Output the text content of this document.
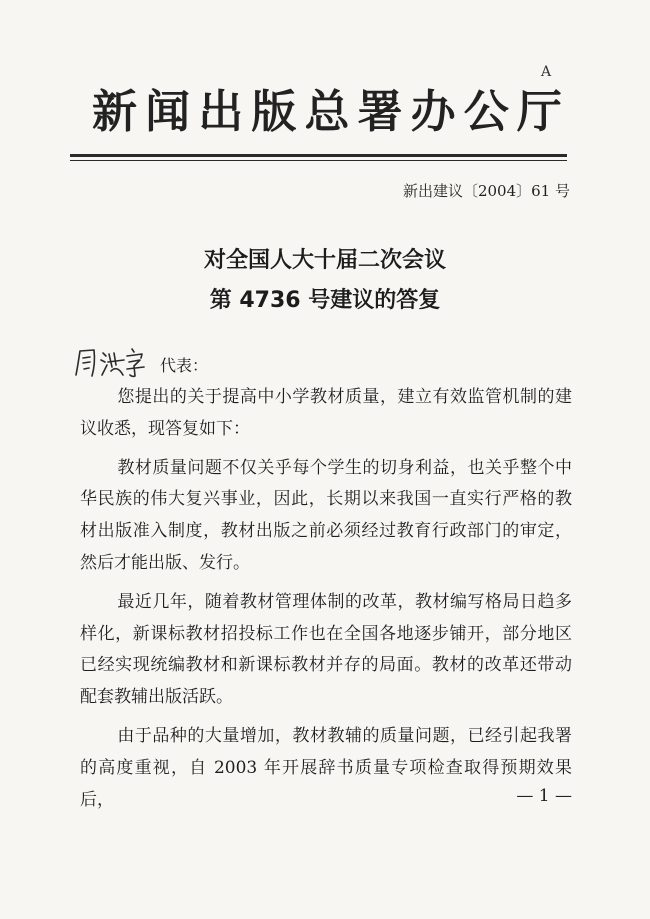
新 闻 出 版 总 署 办 公 厅
A
新出建议〔2004〕61 号
对全国人大十届二次会议
第 4736 号建议的答复
代表：

您提出的关于提高中小学教材质量，建立有效监管机制的建议收悉，现答复如下：

教材质量问题不仅关乎每个学生的切身利益，也关乎整个中华民族的伟大复兴事业，因此，长期以来我国一直实行严格的教材出版准入制度，教材出版之前必须经过教育行政部门的审定，然后才能出版、发行。

最近几年，随着教材管理体制的改革，教材编写格局日趋多样化，新课标教材招投标工作也在全国各地逐步铺开，部分地区已经实现统编教材和新课标教材并存的局面。教材的改革还带动配套教辅出版活跃。

由于品种的大量增加，教材教辅的质量问题，已经引起我署的高度重视，自 2003 年开展辞书质量专项检查取得预期效果后，	— 1 —
